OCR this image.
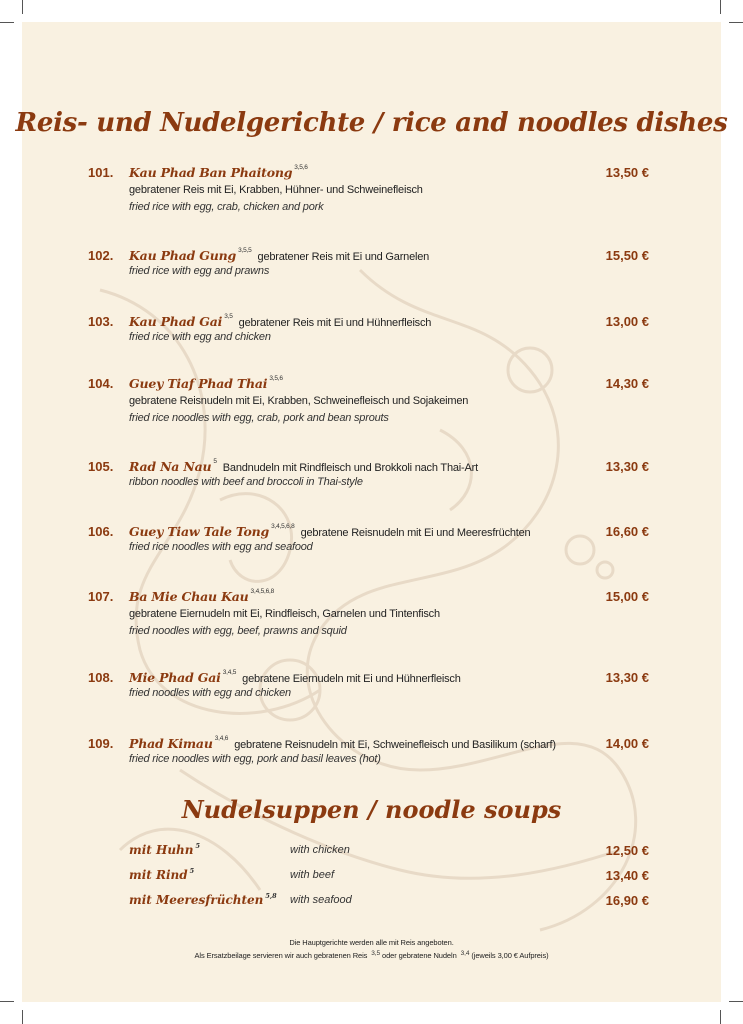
Reis- und Nudelgerichte / rice and noodles dishes
101. Kau Phad Ban Phaitong $^{3,5,6}$
gebratener Reis mit Ei, Krabben, Hühner- und Schweinefleisch
fried rice with egg, crab, chicken and pork
13,50 €
102. Kau Phad Gung $^{3,5,5}$gebratener Reis mit Ei und Garnelen
fried rice with egg and prawns
15,50 €
103. Kau Phad Gai $^{3,5}$gebratener Reis mit Ei und Hühnerfleisch
fried rice with egg and chicken
13,00 €
104. Guey Tiaf Phad Thai $^{3,5,6}$
gebratene Reisnudeln mit Ei, Krabben, Schweinefleisch und Sojakeimen
fried rice noodles with egg, crab, pork and bean sprouts
14,30 €
105. Rad Na Nau $^5$Bandnudeln mit Rindfleisch und Brokkoli nach Thai-Art
ribbon noodles with beef and broccoli in Thai-style
13,30 €
106. Guey Tiaw Tale Tong $^{3,4,5,6,8}$gebratene Reisnudeln mit Ei und Meeresfrüchten
fried rice noodles with egg and seafood
16,60 €
107. Ba Mie Chau Kau $^{3,4,5,6,8}$
gebratene Eiernudeln mit Ei, Rindfleisch, Garnelen und Tintenfisch
fried noodles with egg, beef, prawns and squid
15,00 €
108. Mie Phad Gai $^{3,4,5}$gebratene Eiernudeln mit Ei und Hühnerfleisch
fried noodles with egg and chicken
13,30 €
109. Phad Kimau $^{3,4,6}$gebratene Reisnudeln mit Ei, Schweinefleisch und Basilikum (scharf)
fried rice noodles with egg, pork and basil leaves (hot)
14,00 €
Nudelsuppen / noodle soups
mit Huhn $^5$	with chicken	12,50 €
mit Rind $^5$	with beef	13,40 €
mit Meeresfrüchten $^{5,8}$ with seafood	16,90 €
Die Hauptgerichte werden alle mit Reis angeboten.
Als Ersatzbeilage servieren wir auch gebratenen Reis 3,5 oder gebratene Nudeln 3,4 (jeweils 3,00 € Aufpreis)
